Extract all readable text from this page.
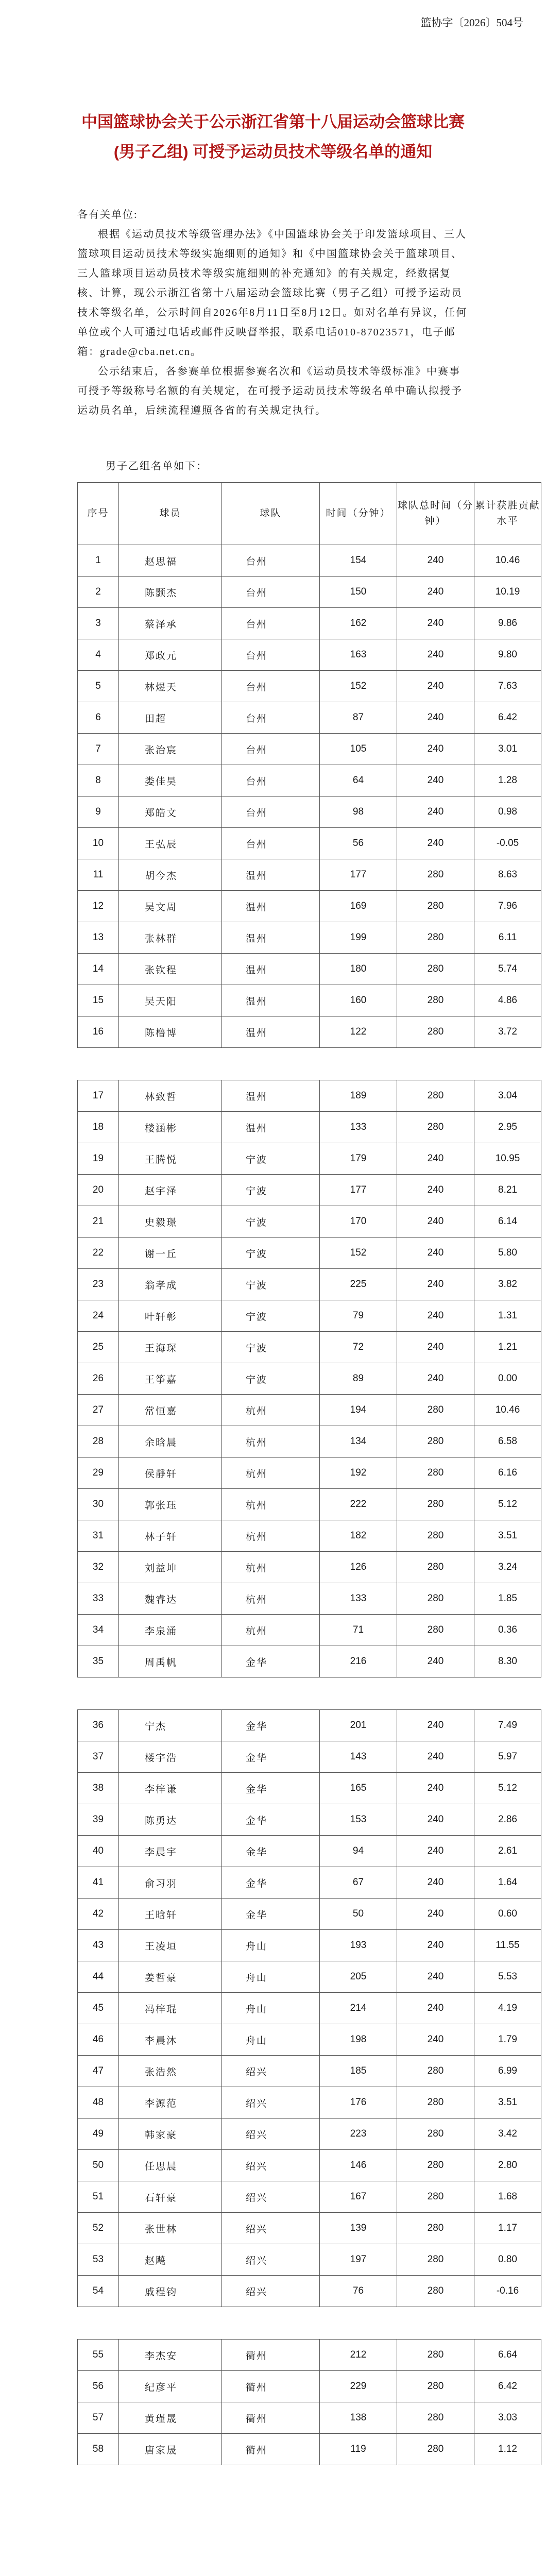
篮协字〔2026〕504号
中国篮球协会关于公示浙江省第十八届运动会篮球比赛
(男子乙组) 可授予运动员技术等级名单的通知

各有关单位:

根据《运动员技术等级管理办法》《中国篮球协会关于印发篮球项目、三人篮球项目运动员技术等级实施细则的通知》和《中国篮球协会关于篮球项目、三人篮球项目运动员技术等级实施细则的补充通知》的有关规定，经数据复核、计算，现公示浙江省第十八届运动会篮球比赛（男子乙组）可授予运动员技术等级名单，公示时间自2026年8月11日至8月12日。如对名单有异议，任何单位或个人可通过电话或邮件反映督举报，联系电话010-87023571，电子邮箱：grade@cba.net.cn。

公示结束后，各参赛单位根据参赛名次和《运动员技术等级标准》中赛事可授予等级称号名额的有关规定，在可授予运动员技术等级名单中确认拟授予运动员名单，后续流程遵照各省的有关规定执行。

男子乙组名单如下：
序号	球员	球队	时间（分钟）	球队总时间（分钟）	累计获胜贡献水平
1	赵思福	台州	154	240	10.46
2	陈颢杰	台州	150	240	10.19
3	蔡泽承	台州	162	240	9.86
4	郑政元	台州	163	240	9.80
5	林煜天	台州	152	240	7.63
6	田超	台州	87	240	6.42
7	张治宸	台州	105	240	3.01
8	娄佳昊	台州	64	240	1.28
9	郑皓文	台州	98	240	0.98
10	王弘辰	台州	56	240	-0.05
11	胡今杰	温州	177	280	8.63
12	吴文周	温州	169	280	7.96
13	张林群	温州	199	280	6.11
14	张钦程	温州	180	280	5.74
15	吴天阳	温州	160	280	4.86
16	陈橹博	温州	122	280	3.72
17	林致哲	温州	189	280	3.04
18	楼涵彬	温州	133	280	2.95
19	王腾悦	宁波	179	240	10.95
20	赵宇泽	宁波	177	240	8.21
21	史毅璟	宁波	170	240	6.14
22	谢一丘	宁波	152	240	5.80
23	翁孝成	宁波	225	240	3.82
24	叶轩彰	宁波	79	240	1.31
25	王海琛	宁波	72	240	1.21
26	王筝嘉	宁波	89	240	0.00
27	常恒嘉	杭州	194	280	10.46
28	余晗晨	杭州	134	280	6.58
29	侯靜轩	杭州	192	280	6.16
30	郭张珏	杭州	222	280	5.12
31	林子轩	杭州	182	280	3.51
32	刘益坤	杭州	126	280	3.24
33	魏睿达	杭州	133	280	1.85
34	李泉涌	杭州	71	280	0.36
35	周禹帆	金华	216	240	8.30
36	宁杰	金华	201	240	7.49
37	楼宇浩	金华	143	240	5.97
38	李梓谦	金华	165	240	5.12
39	陈勇达	金华	153	240	2.86
40	李晨宇	金华	94	240	2.61
41	俞习羽	金华	67	240	1.64
42	王晗轩	金华	50	240	0.60
43	王凌垣	舟山	193	240	11.55
44	姜哲豪	舟山	205	240	5.53
45	冯梓琨	舟山	214	240	4.19
46	李晨沐	舟山	198	240	1.79
47	张浩然	绍兴	185	280	6.99
48	李源范	绍兴	176	280	3.51
49	韩家豪	绍兴	223	280	3.42
50	任思晨	绍兴	146	280	2.80
51	石轩豪	绍兴	167	280	1.68
52	张世林	绍兴	139	280	1.17
53	赵飚	绍兴	197	280	0.80
54	戚程钧	绍兴	76	280	-0.16
55	李杰安	衢州	212	280	6.64
56	纪彦平	衢州	229	280	6.42
57	黄瑾晟	衢州	138	280	3.03
58	唐家晟	衢州	119	280	1.12
